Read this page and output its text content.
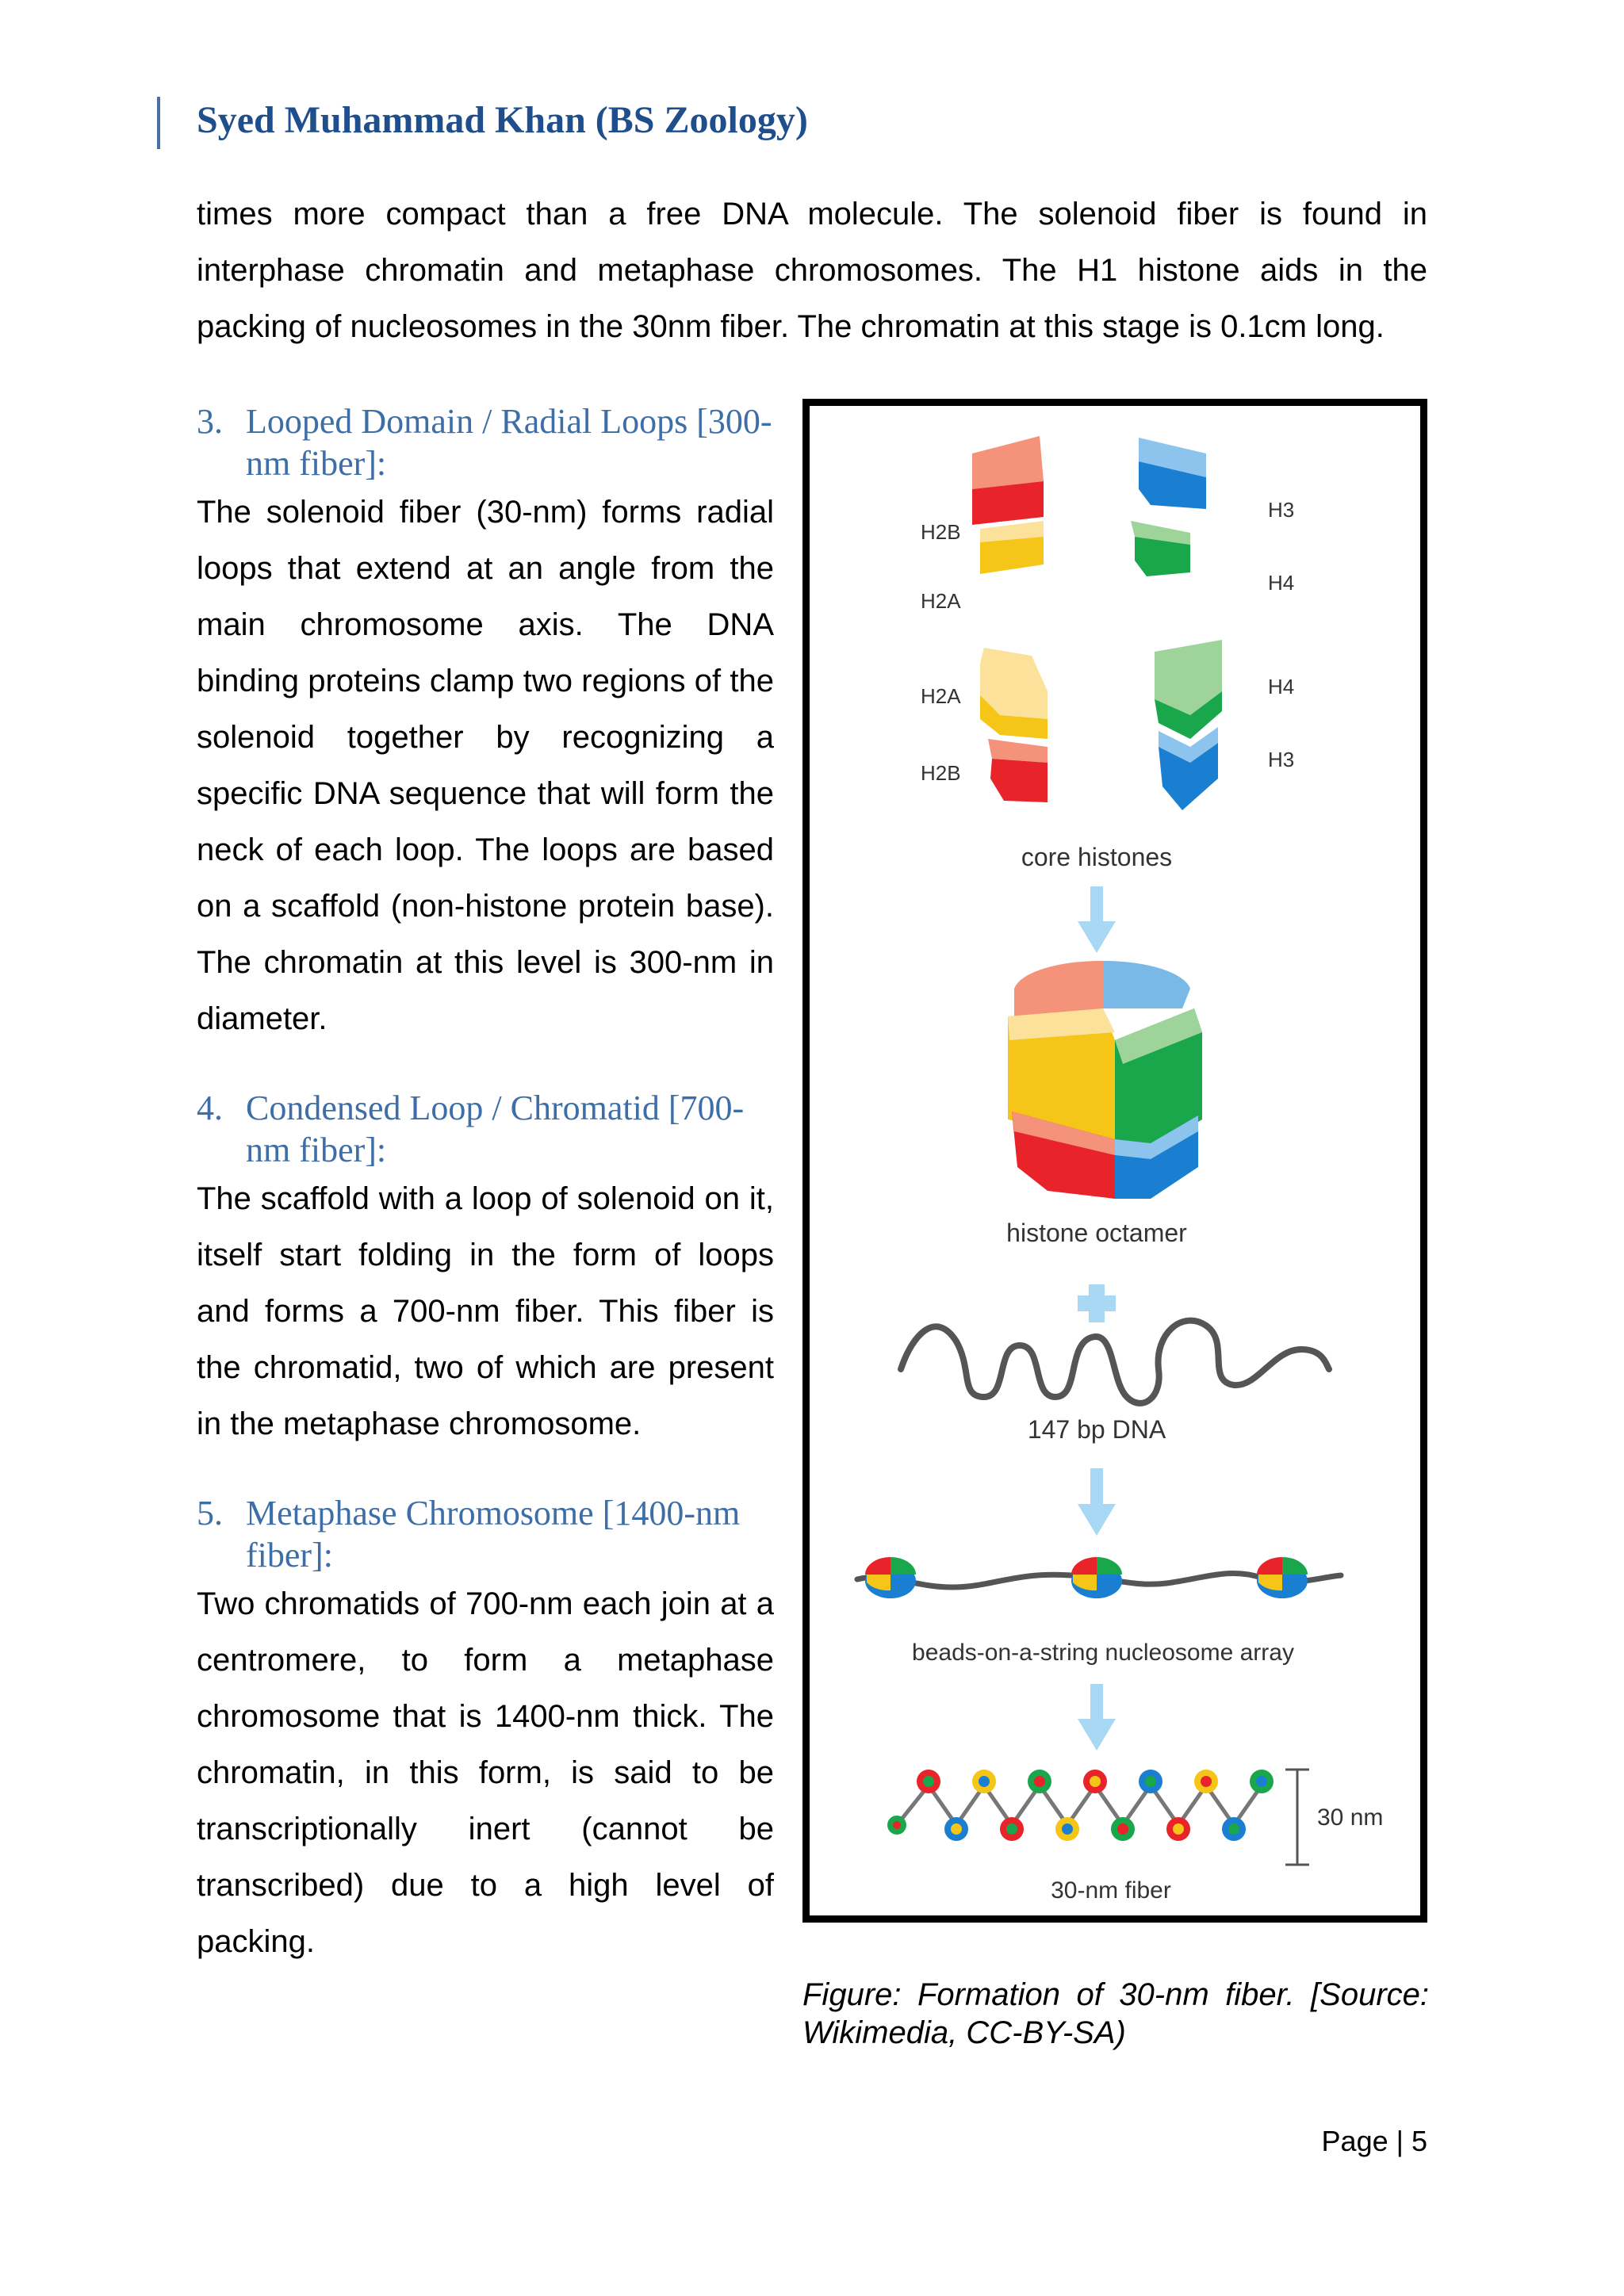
Syed Muhammad Khan (BS Zoology)
times more compact than a free DNA molecule. The solenoid fiber is found in interphase chromatin and metaphase chromosomes. The H1 histone aids in the packing of nucleosomes in the 30nm fiber. The chromatin at this stage is 0.1cm long.
3. Looped Domain / Radial Loops [300-nm fiber]:
The solenoid fiber (30-nm) forms radial loops that extend at an angle from the main chromosome axis. The DNA binding proteins clamp two regions of the solenoid together by recognizing a specific DNA sequence that will form the neck of each loop. The loops are based on a scaffold (non-histone protein base). The chromatin at this level is 300-nm in diameter.
4. Condensed Loop / Chromatid [700-nm fiber]:
The scaffold with a loop of solenoid on it, itself start folding in the form of loops and forms a 700-nm fiber. This fiber is the chromatid, two of which are present in the metaphase chromosome.
5. Metaphase Chromosome [1400-nm fiber]:
Two chromatids of 700-nm each join at a centromere, to form a metaphase chromosome that is 1400-nm thick. The chromatin, in this form, is said to be transcriptionally inert (cannot be transcribed) due to a high level of packing.
H2B
H2A
H3
H4
H2A
H2B
H4
H3
core histones
histone octamer
147 bp DNA
beads-on-a-string nucleosome array
30 nm
30-nm fiber
Figure: Formation of 30-nm fiber. [Source: Wikimedia, CC-BY-SA)
Page | 5
